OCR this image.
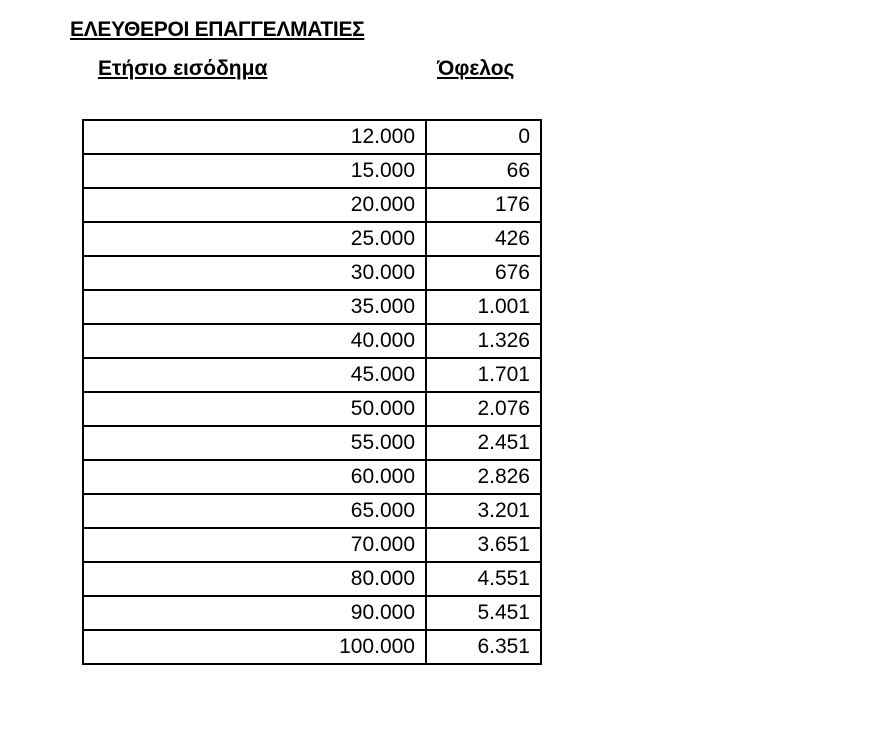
ΕΛΕΥΘΕΡΟΙ ΕΠΑΓΓΕΛΜΑΤΙΕΣ
Ετήσιο εισόδημα	Όφελος
12.000	0
15.000	66
20.000	176
25.000	426
30.000	676
35.000	1.001
40.000	1.326
45.000	1.701
50.000	2.076
55.000	2.451
60.000	2.826
65.000	3.201
70.000	3.651
80.000	4.551
90.000	5.451
100.000	6.351
